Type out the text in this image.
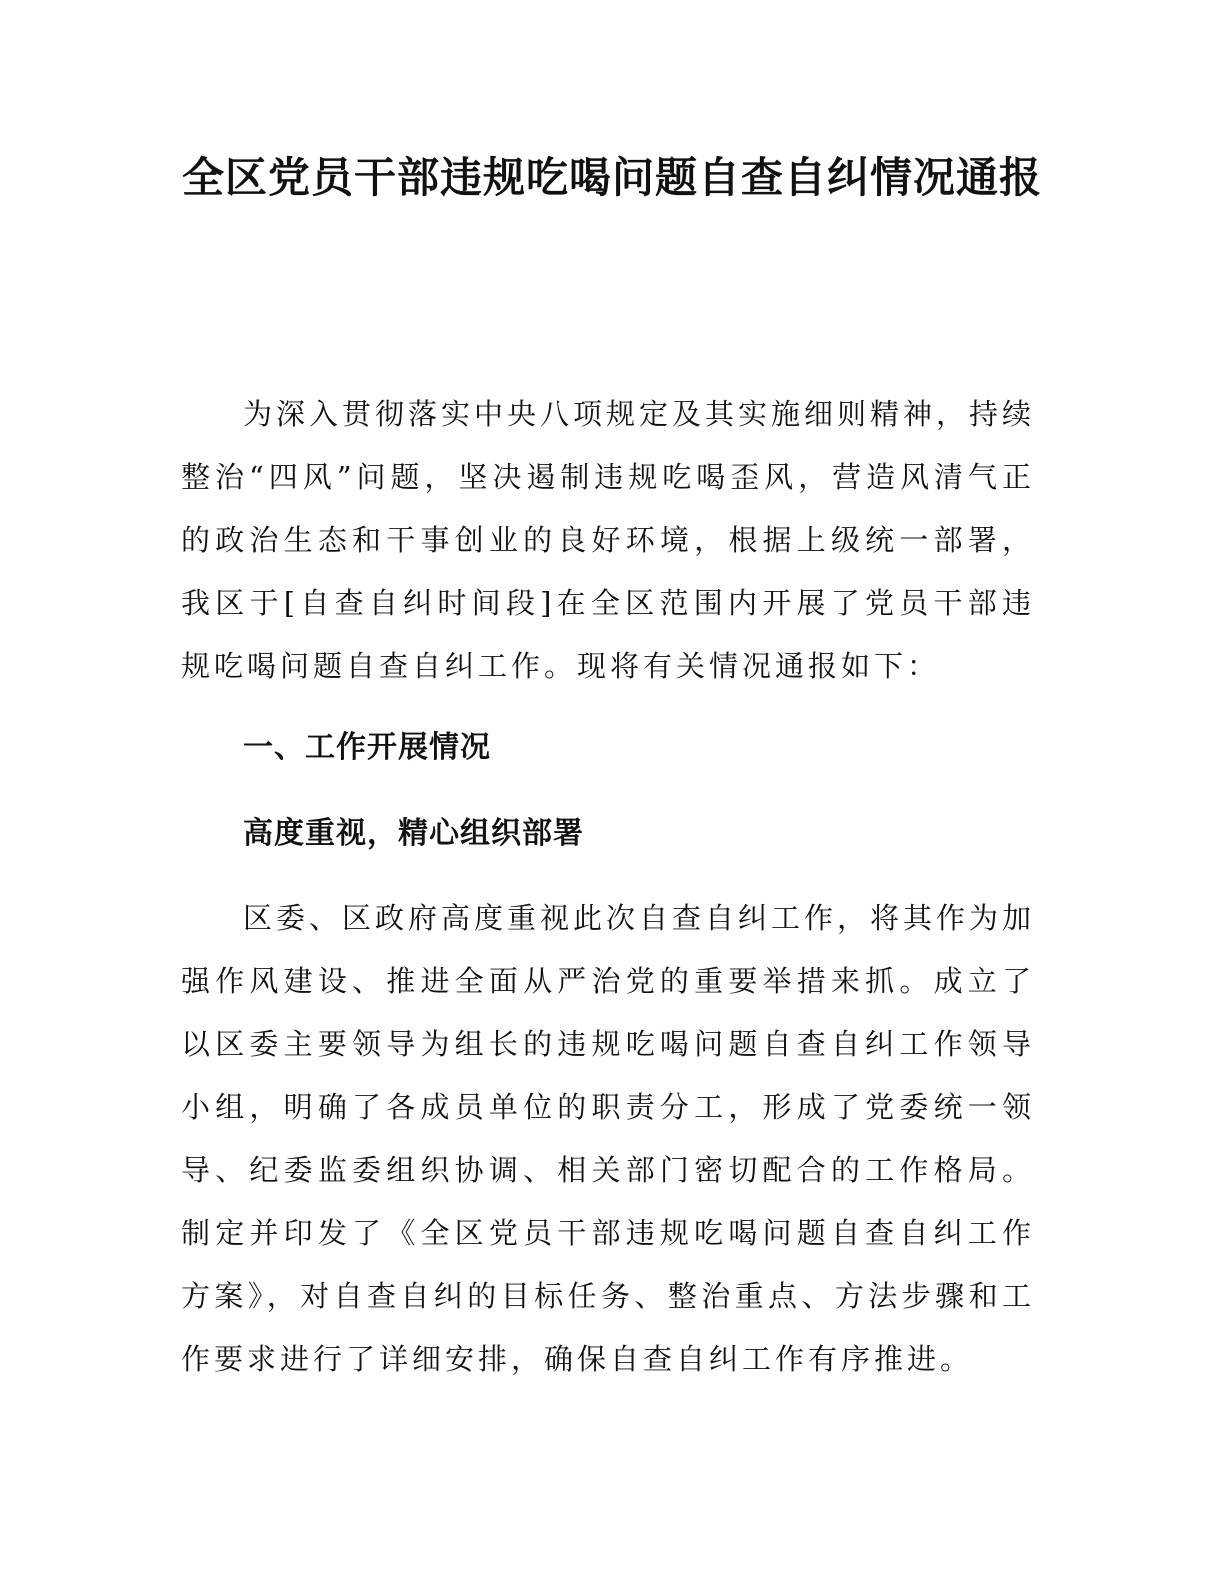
全区党员干部违规吃喝问题自查自纠情况通报

为深入贯彻落实中央八项规定及其实施细则精神，持续整治“四风”问题，坚决遏制违规吃喝歪风，营造风清气正的政治生态和干事创业的良好环境，根据上级统一部署，我区于[自查自纠时间段]在全区范围内开展了党员干部违规吃喝问题自查自纠工作。现将有关情况通报如下：

一、工作开展情况
高度重视，精心组织部署

区委、区政府高度重视此次自查自纠工作，将其作为加强作风建设、推进全面从严治党的重要举措来抓。成立了以区委主要领导为组长的违规吃喝问题自查自纠工作领导小组，明确了各成员单位的职责分工，形成了党委统一领导、纪委监委组织协调、相关部门密切配合的工作格局。制定并印发了《全区党员干部违规吃喝问题自查自纠工作方案》，对自查自纠的目标任务、整治重点、方法步骤和工作要求进行了详细安排，确保自查自纠工作有序推进。
